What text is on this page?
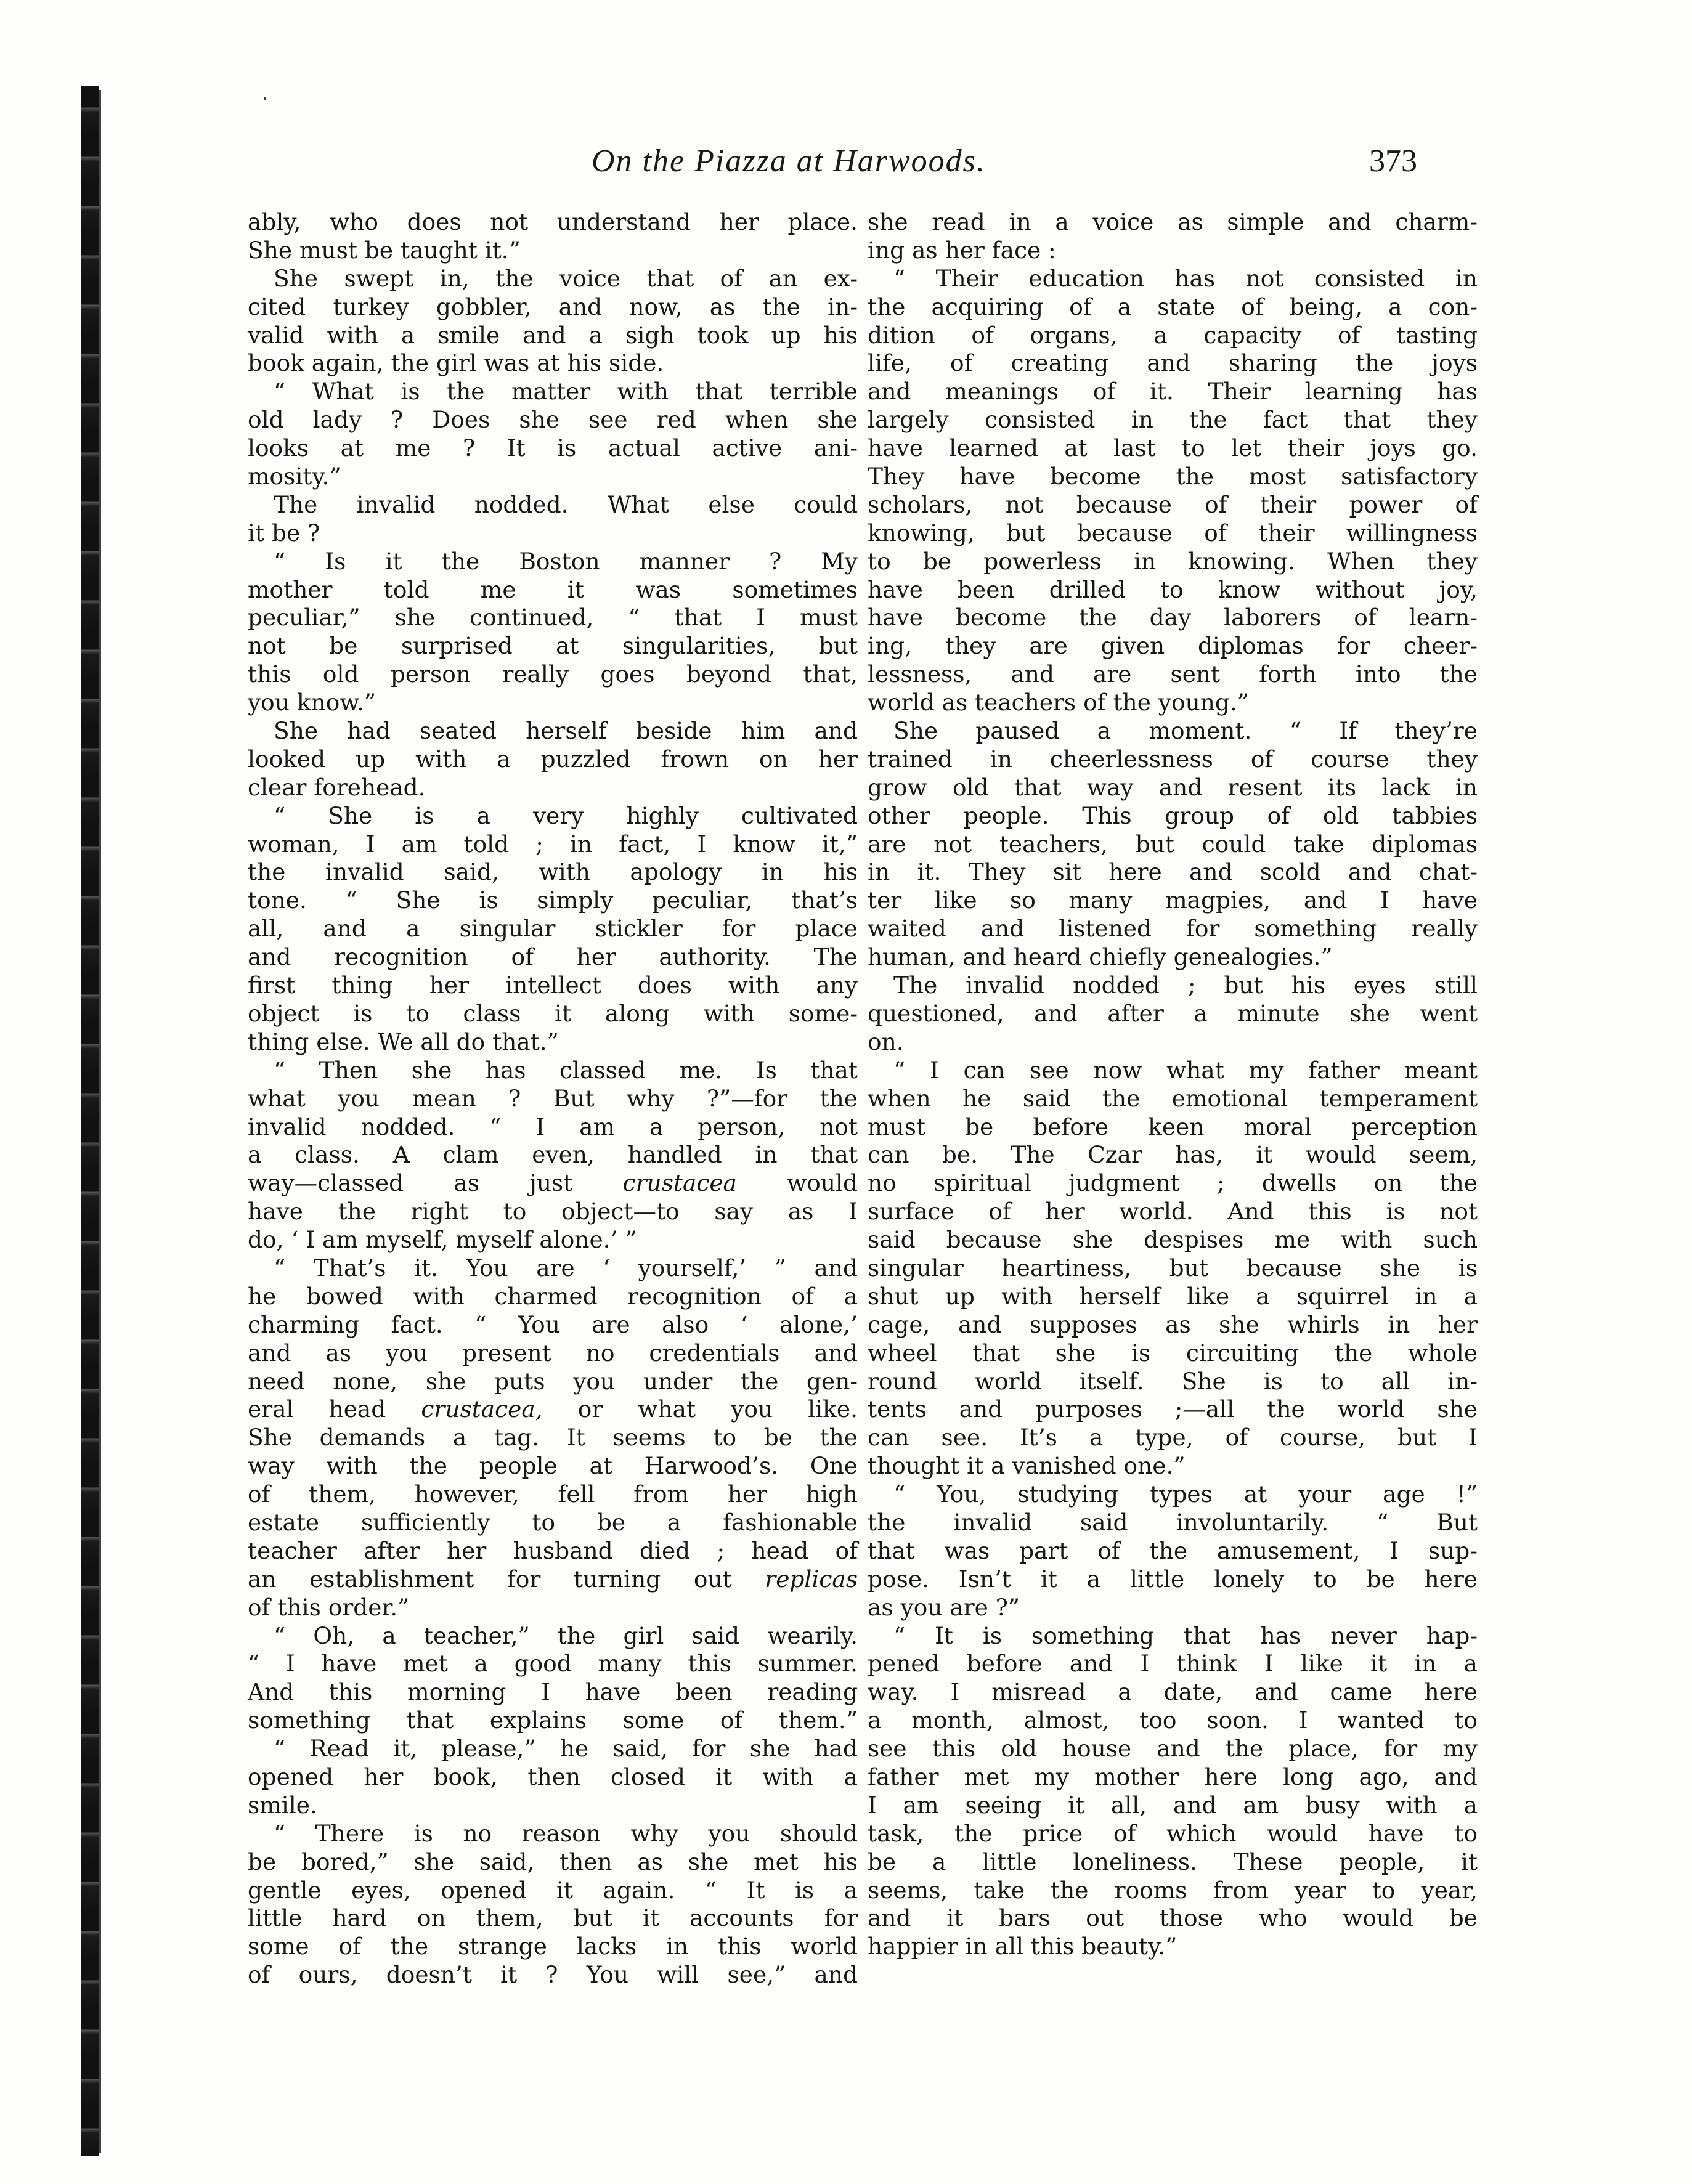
On the Piazza at Harwoods.	373
ably, who does not understand her place.
She must be taught it.”
She swept in, the voice that of an ex-
cited turkey gobbler, and now, as the in-
valid with a smile and a sigh took up his
book again, the girl was at his side.
“ What is the matter with that terrible
old lady ? Does she see red when she
looks at me ? It is actual active ani-
mosity.”
The invalid nodded. What else could
it be ?
“ Is it the Boston manner ? My
mother told me it was sometimes
peculiar,” she continued, “ that I must
not be surprised at singularities, but
this old person really goes beyond that,
you know.”
She had seated herself beside him and
looked up with a puzzled frown on her
clear forehead.
“ She is a very highly cultivated
woman, I am told ; in fact, I know it,”
the invalid said, with apology in his
tone. “ She is simply peculiar, that’s
all, and a singular stickler for place
and recognition of her authority. The
first thing her intellect does with any
object is to class it along with some-
thing else. We all do that.”
“ Then she has classed me. Is that
what you mean ? But why ?”—for the
invalid nodded. “ I am a person, not
a class. A clam even, handled in that
way—classed as just crustacea would
have the right to object—to say as I
do, ‘ I am myself, myself alone.’ ”
“ That’s it. You are ‘ yourself,’ ” and
he bowed with charmed recognition of a
charming fact. “ You are also ‘ alone,’
and as you present no credentials and
need none, she puts you under the gen-
eral head crustacea, or what you like.
She demands a tag. It seems to be the
way with the people at Harwood’s. One
of them, however, fell from her high
estate sufficiently to be a fashionable
teacher after her husband died ; head of
an establishment for turning out replicas
of this order.”
“ Oh, a teacher,” the girl said wearily.
“ I have met a good many this summer.
And this morning I have been reading
something that explains some of them.”
“ Read it, please,” he said, for she had
opened her book, then closed it with a
smile.
“ There is no reason why you should
be bored,” she said, then as she met his
gentle eyes, opened it again. “ It is a
little hard on them, but it accounts for
some of the strange lacks in this world
of ours, doesn’t it ? You will see,” and
she read in a voice as simple and charm-
ing as her face :
“ Their education has not consisted in
the acquiring of a state of being, a con-
dition of organs, a capacity of tasting
life, of creating and sharing the joys
and meanings of it. Their learning has
largely consisted in the fact that they
have learned at last to let their joys go.
They have become the most satisfactory
scholars, not because of their power of
knowing, but because of their willingness
to be powerless in knowing. When they
have been drilled to know without joy,
have become the day laborers of learn-
ing, they are given diplomas for cheer-
lessness, and are sent forth into the
world as teachers of the young.”
She paused a moment. “ If they’re
trained in cheerlessness of course they
grow old that way and resent its lack in
other people. This group of old tabbies
are not teachers, but could take diplomas
in it. They sit here and scold and chat-
ter like so many magpies, and I have
waited and listened for something really
human, and heard chiefly genealogies.”
The invalid nodded ; but his eyes still
questioned, and after a minute she went
on.
“ I can see now what my father meant
when he said the emotional temperament
must be before keen moral perception
can be. The Czar has, it would seem,
no spiritual judgment ; dwells on the
surface of her world. And this is not
said because she despises me with such
singular heartiness, but because she is
shut up with herself like a squirrel in a
cage, and supposes as she whirls in her
wheel that she is circuiting the whole
round world itself. She is to all in-
tents and purposes ;—all the world she
can see. It’s a type, of course, but I
thought it a vanished one.”
“ You, studying types at your age !”
the invalid said involuntarily. “ But
that was part of the amusement, I sup-
pose. Isn’t it a little lonely to be here
as you are ?”
“ It is something that has never hap-
pened before and I think I like it in a
way. I misread a date, and came here
a month, almost, too soon. I wanted to
see this old house and the place, for my
father met my mother here long ago, and
I am seeing it all, and am busy with a
task, the price of which would have to
be a little loneliness. These people, it
seems, take the rooms from year to year,
and it bars out those who would be
happier in all this beauty.”
